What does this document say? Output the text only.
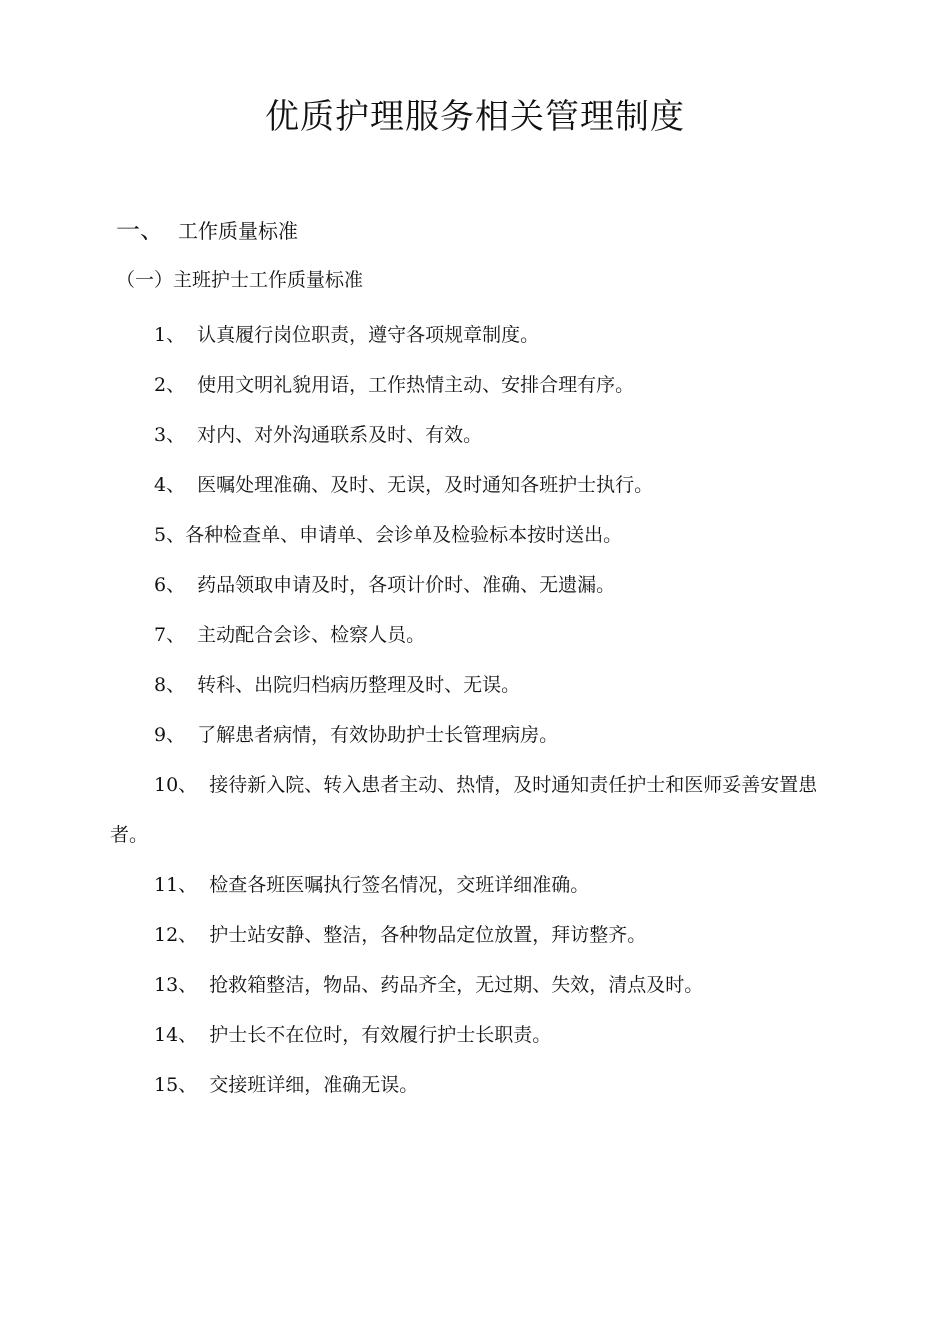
优质护理服务相关管理制度
一、 工作质量标准
（一）主班护士工作质量标准
1、 认真履行岗位职责，遵守各项规章制度。
2、 使用文明礼貌用语，工作热情主动、安排合理有序。
3、 对内、对外沟通联系及时、有效。
4、 医嘱处理准确、及时、无误，及时通知各班护士执行。
5、各种检查单、申请单、会诊单及检验标本按时送出。
6、 药品领取申请及时，各项计价时、准确、无遗漏。
7、 主动配合会诊、检察人员。
8、 转科、出院归档病历整理及时、无误。
9、 了解患者病情，有效协助护士长管理病房。
10、 接待新入院、转入患者主动、热情，及时通知责任护士和医师妥善安置患者。
11、 检查各班医嘱执行签名情况，交班详细准确。
12、 护士站安静、整洁，各种物品定位放置，拜访整齐。
13、 抢救箱整洁，物品、药品齐全，无过期、失效，清点及时。
14、 护士长不在位时，有效履行护士长职责。
15、 交接班详细，准确无误。
